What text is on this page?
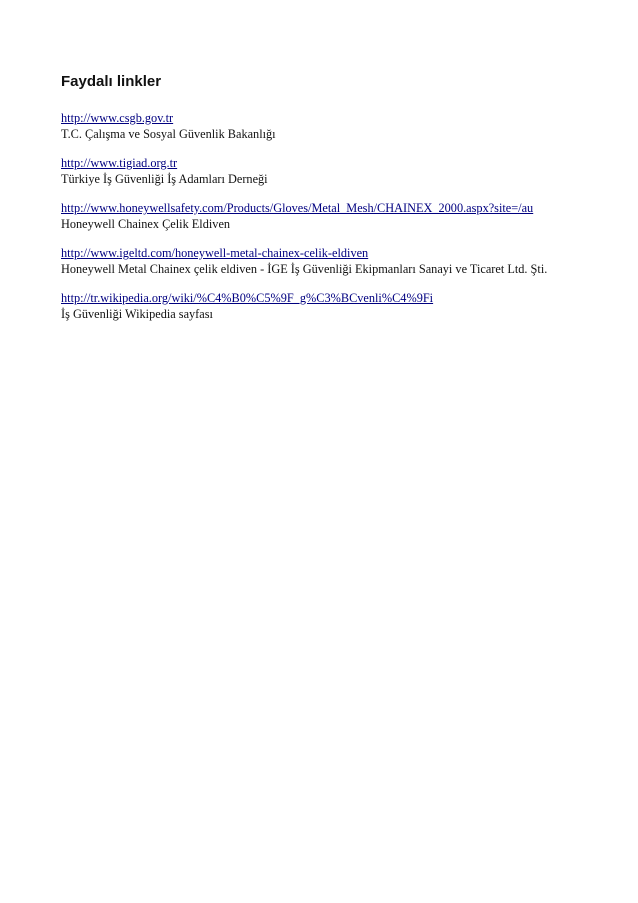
Faydalı linkler
http://www.csgb.gov.tr
T.C. Çalışma ve Sosyal Güvenlik Bakanlığı
http://www.tigiad.org.tr
Türkiye İş Güvenliği İş Adamları Derneği
http://www.honeywellsafety.com/Products/Gloves/Metal_Mesh/CHAINEX_2000.aspx?site=/au
Honeywell Chainex Çelik Eldiven
http://www.igeltd.com/honeywell-metal-chainex-celik-eldiven
Honeywell Metal Chainex çelik eldiven - İGE İş Güvenliği Ekipmanları Sanayi ve Ticaret Ltd. Şti.
http://tr.wikipedia.org/wiki/%C4%B0%C5%9F_g%C3%BCvenli%C4%9Fi
İş Güvenliği Wikipedia sayfası
